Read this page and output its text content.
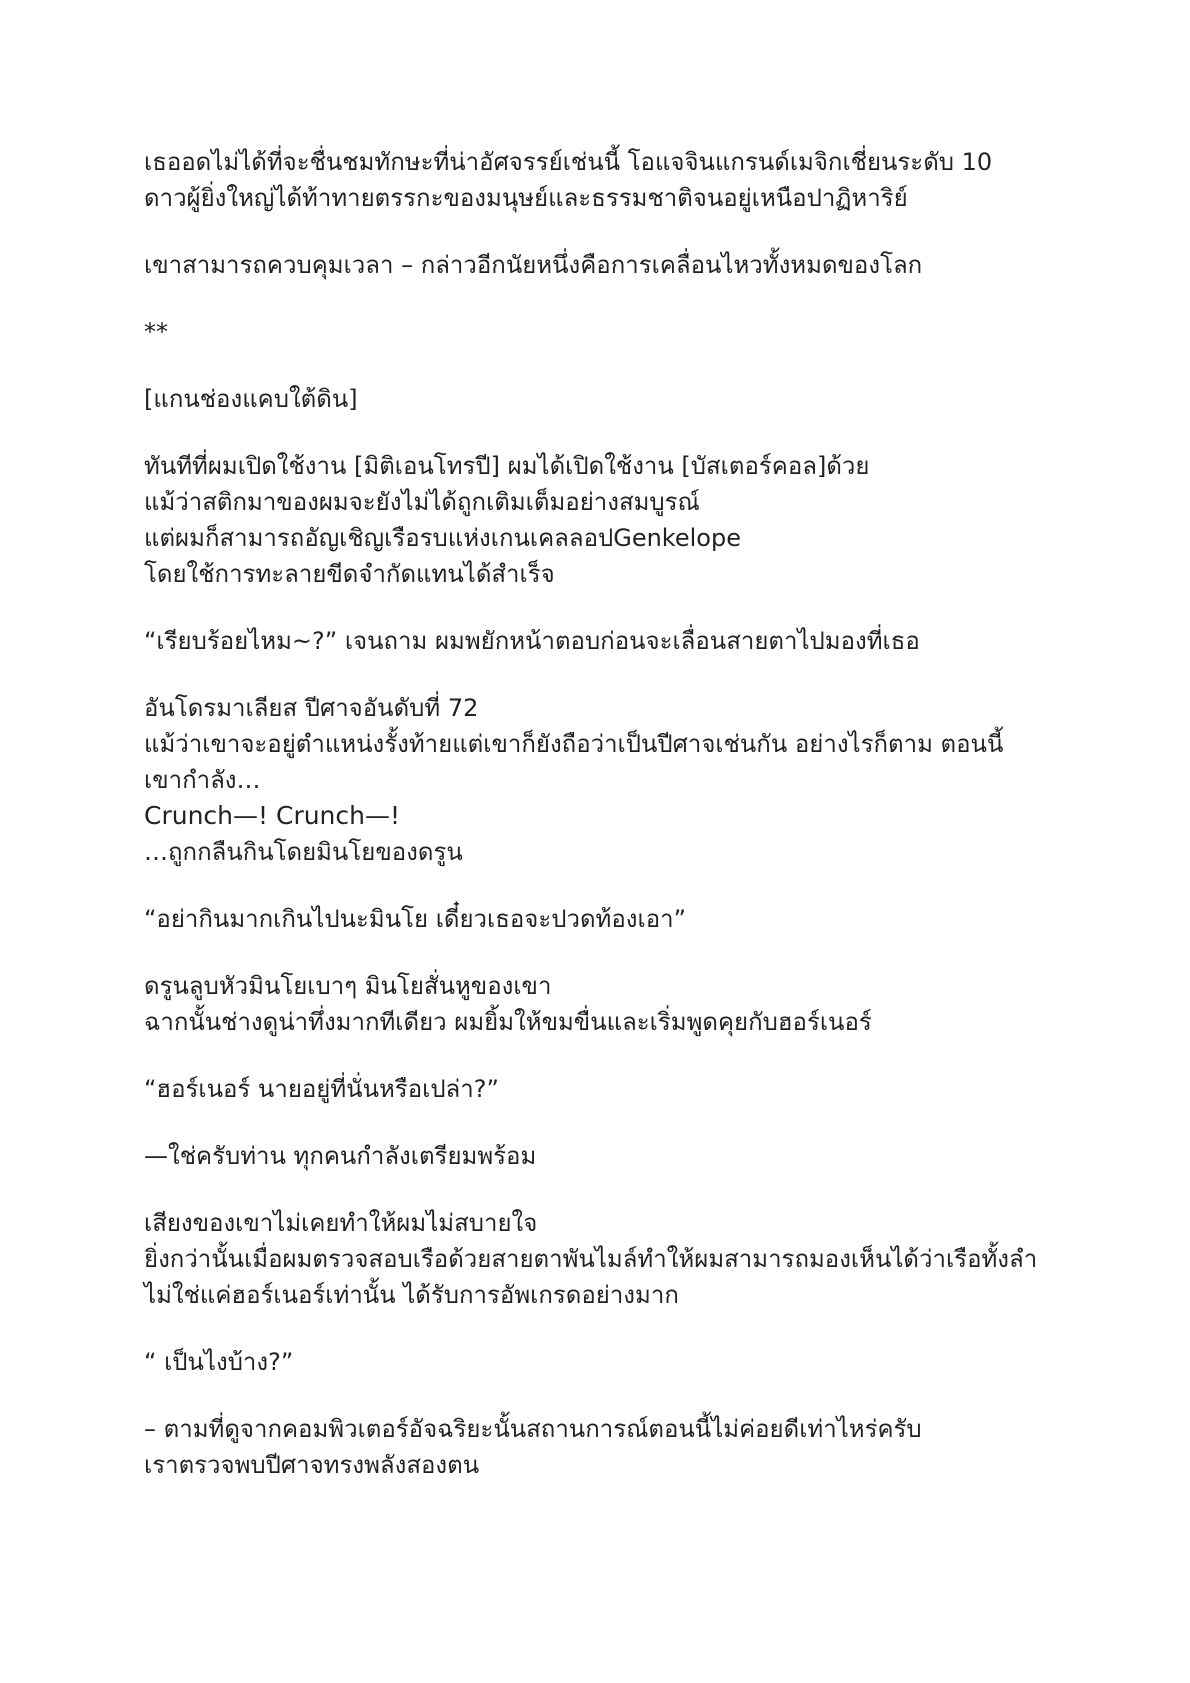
เธออดไม่ได้ที่จะชื่นชมทักษะที่น่าอัศจรรย์เช่นนี้ โอแจจินแกรนด์เมจิกเชี่ยนระดับ 10
ดาวผู้ยิ่งใหญ่ได้ท้าทายตรรกะของมนุษย์และธรรมชาติจนอยู่เหนือปาฏิหาริย์

เขาสามารถควบคุมเวลา – กล่าวอีกนัยหนึ่งคือการเคลื่อนไหวทั้งหมดของโลก

**

[แกนช่องแคบใต้ดิน]

ทันทีที่ผมเปิดใช้งาน [มิติเอนโทรปี] ผมได้เปิดใช้งาน [บัสเตอร์คอล]ด้วย
แม้ว่าสติกมาของผมจะยังไม่ได้ถูกเติมเต็มอย่างสมบูรณ์
แต่ผมก็สามารถอัญเชิญเรือรบแห่งเกนเคลลอปGenkelope
โดยใช้การทะลายขีดจำกัดแทนได้สำเร็จ

“เรียบร้อยไหม~?” เจนถาม ผมพยักหน้าตอบก่อนจะเลื่อนสายตาไปมองที่เธอ

อันโดรมาเลียส ปีศาจอันดับที่ 72
แม้ว่าเขาจะอยู่ตำแหน่งรั้งท้ายแต่เขาก็ยังถือว่าเป็นปีศาจเช่นกัน อย่างไรก็ตาม ตอนนี้
เขากำลัง…
Crunch—! Crunch—!
…ถูกกลืนกินโดยมินโยของดรูน

“อย่ากินมากเกินไปนะมินโย เดี๋ยวเธอจะปวดท้องเอา”

ดรูนลูบหัวมินโยเบาๆ มินโยสั่นหูของเขา
ฉากนั้นช่างดูน่าทึ่งมากทีเดียว ผมยิ้มให้ขมขื่นและเริ่มพูดคุยกับฮอร์เนอร์

“ฮอร์เนอร์ นายอยู่ที่นั่นหรือเปล่า?”

—ใช่ครับท่าน ทุกคนกำลังเตรียมพร้อม

เสียงของเขาไม่เคยทำให้ผมไม่สบายใจ
ยิ่งกว่านั้นเมื่อผมตรวจสอบเรือด้วยสายตาพันไมล์ทำให้ผมสามารถมองเห็นได้ว่าเรือทั้งลำ
ไม่ใช่แค่ฮอร์เนอร์เท่านั้น ได้รับการอัพเกรดอย่างมาก

“ เป็นไงบ้าง?”

– ตามที่ดูจากคอมพิวเตอร์อัจฉริยะนั้นสถานการณ์ตอนนี้ไม่ค่อยดีเท่าไหร่ครับ
เราตรวจพบปีศาจทรงพลังสองตน
